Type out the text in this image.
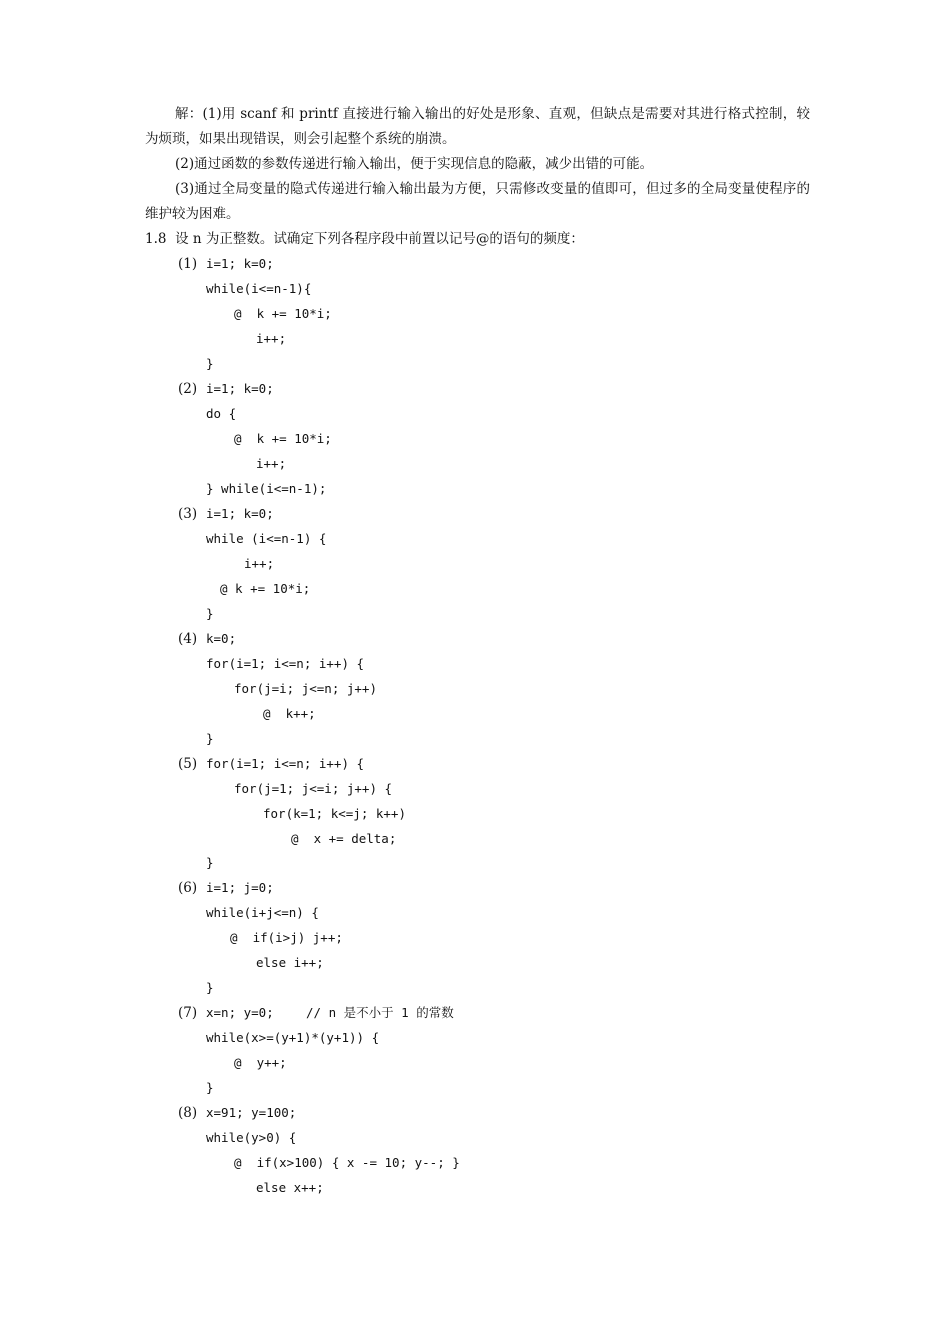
解：(1)用 scanf 和 printf 直接进行输入输出的好处是形象、直观，但缺点是需要对其进行格式控制，较为烦琐，如果出现错误，则会引起整个系统的崩溃。

(2)通过函数的参数传递进行输入输出，便于实现信息的隐蔽，减少出错的可能。

(3)通过全局变量的隐式传递进行输入输出最为方便，只需修改变量的值即可，但过多的全局变量使程序的维护较为困难。

1.8 设 n 为正整数。试确定下列各程序段中前置以记号@的语句的频度：
(1) i=1; k=0;
while(i<=n-1){
@  k += 10*i;
i++;
}
(2) i=1; k=0;
do {
@  k += 10*i;
i++;
} while(i<=n-1);
(3) i=1; k=0;
while (i<=n-1) {
i++;
@ k += 10*i;
}
(4) k=0;
for(i=1; i<=n; i++) {
for(j=i; j<=n; j++)
@  k++;
}
(5) for(i=1; i<=n; i++) {
for(j=1; j<=i; j++) {
for(k=1; k<=j; k++)
@  x += delta;
}
(6) i=1; j=0;
while(i+j<=n) {
@  if(i>j) j++;
else i++;
}
(7) x=n; y=0;	// n 是不小于 1 的常数
while(x>=(y+1)*(y+1)) {
@  y++;
}
(8) x=91; y=100;
while(y>0) {
@  if(x>100) { x -= 10; y--; }
else x++;
